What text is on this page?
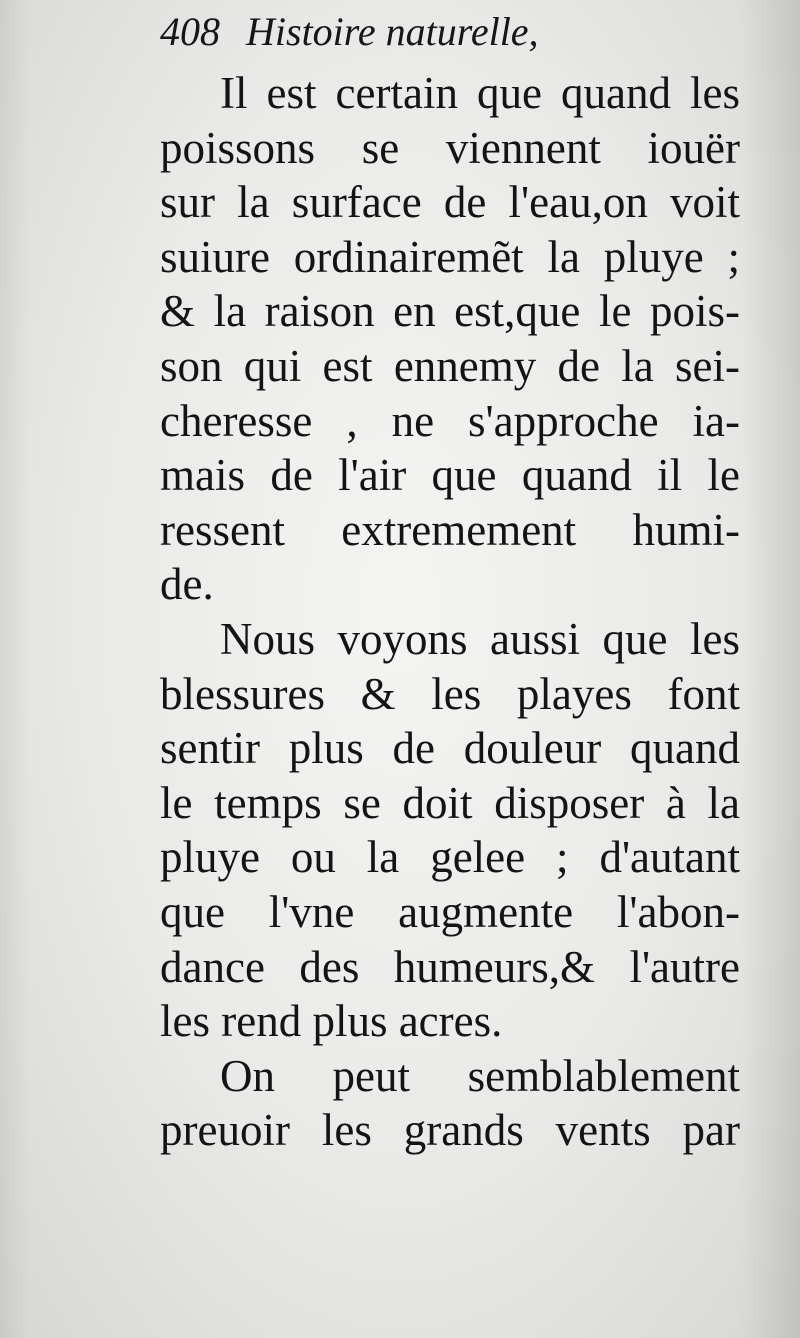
408 Histoire naturelle,
Il est certain que quand les
poissons se viennent iouër
sur la surface de l'eau,on voit
suiure ordinairemẽt la pluye ;
& la raison en est,que le pois-
son qui est ennemy de la sei-
cheresse , ne s'approche ia-
mais de l'air que quand il le
ressent extremement humi-
de.
Nous voyons aussi que les
blessures & les playes font
sentir plus de douleur quand
le temps se doit disposer à la
pluye ou la gelee ; d'autant
que l'vne augmente l'abon-
dance des humeurs,& l'autre
les rend plus acres.
On peut semblablement
preuoir les grands vents par
